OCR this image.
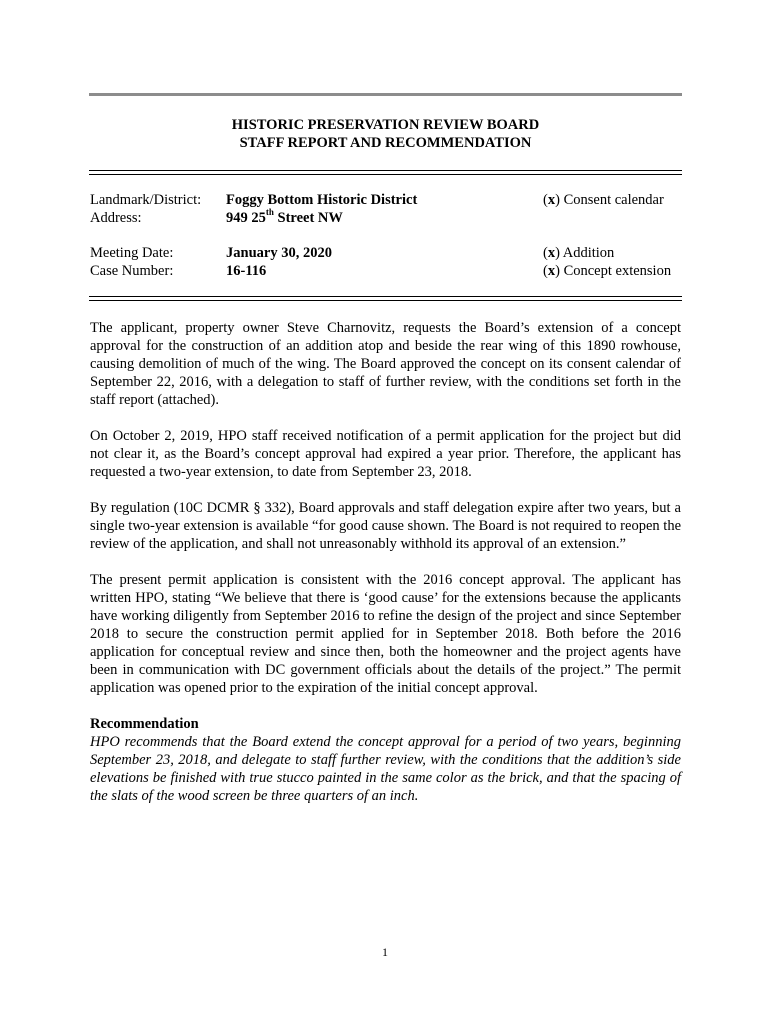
HISTORIC PRESERVATION REVIEW BOARD
STAFF REPORT AND RECOMMENDATION
Landmark/District: Foggy Bottom Historic District	(x) Consent calendar
Address:	949 25th Street NW
Meeting Date:	January 30, 2020	(x) Addition
Case Number:	16-116	(x) Concept extension

The applicant, property owner Steve Charnovitz, requests the Board’s extension of a concept approval for the construction of an addition atop and beside the rear wing of this 1890 rowhouse, causing demolition of much of the wing. The Board approved the concept on its consent calendar of September 22, 2016, with a delegation to staff of further review, with the conditions set forth in the staff report (attached).

On October 2, 2019, HPO staff received notification of a permit application for the project but did not clear it, as the Board’s concept approval had expired a year prior. Therefore, the applicant has requested a two-year extension, to date from September 23, 2018.

By regulation (10C DCMR § 332), Board approvals and staff delegation expire after two years, but a single two-year extension is available “for good cause shown. The Board is not required to reopen the review of the application, and shall not unreasonably withhold its approval of an extension.”

The present permit application is consistent with the 2016 concept approval. The applicant has written HPO, stating “We believe that there is ‘good cause’ for the extensions because the applicants have working diligently from September 2016 to refine the design of the project and since September 2018 to secure the construction permit applied for in September 2018. Both before the 2016 application for conceptual review and since then, both the homeowner and the project agents have been in communication with DC government officials about the details of the project.” The permit application was opened prior to the expiration of the initial concept approval.

Recommendation
HPO recommends that the Board extend the concept approval for a period of two years, beginning September 23, 2018, and delegate to staff further review, with the conditions that the addition’s side elevations be finished with true stucco painted in the same color as the brick, and that the spacing of the slats of the wood screen be three quarters of an inch.
1
